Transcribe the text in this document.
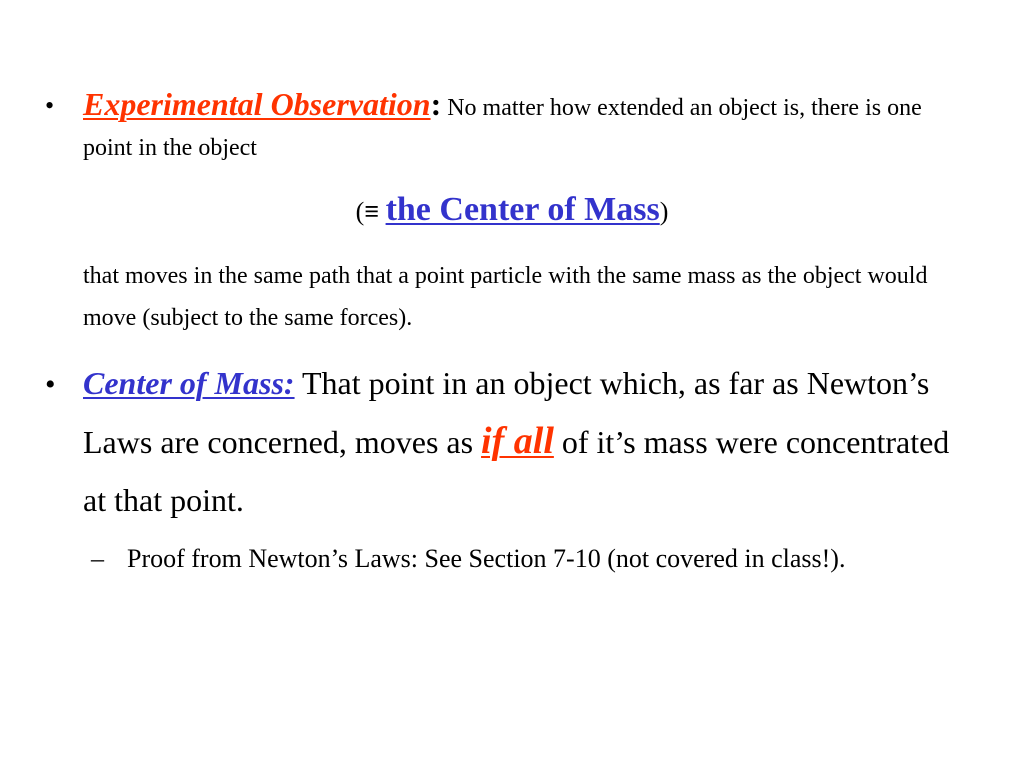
• Experimental Observation: No matter how extended an object is, there is one point in the object
(≡ the Center of Mass)
that moves in the same path that a point particle with the same mass as the object would move (subject to the same forces).
• Center of Mass: That point in an object which, as far as Newton’s Laws are concerned, moves as if all of it’s mass were concentrated at that point.
– Proof from Newton’s Laws: See Section 7-10 (not covered in class!).
